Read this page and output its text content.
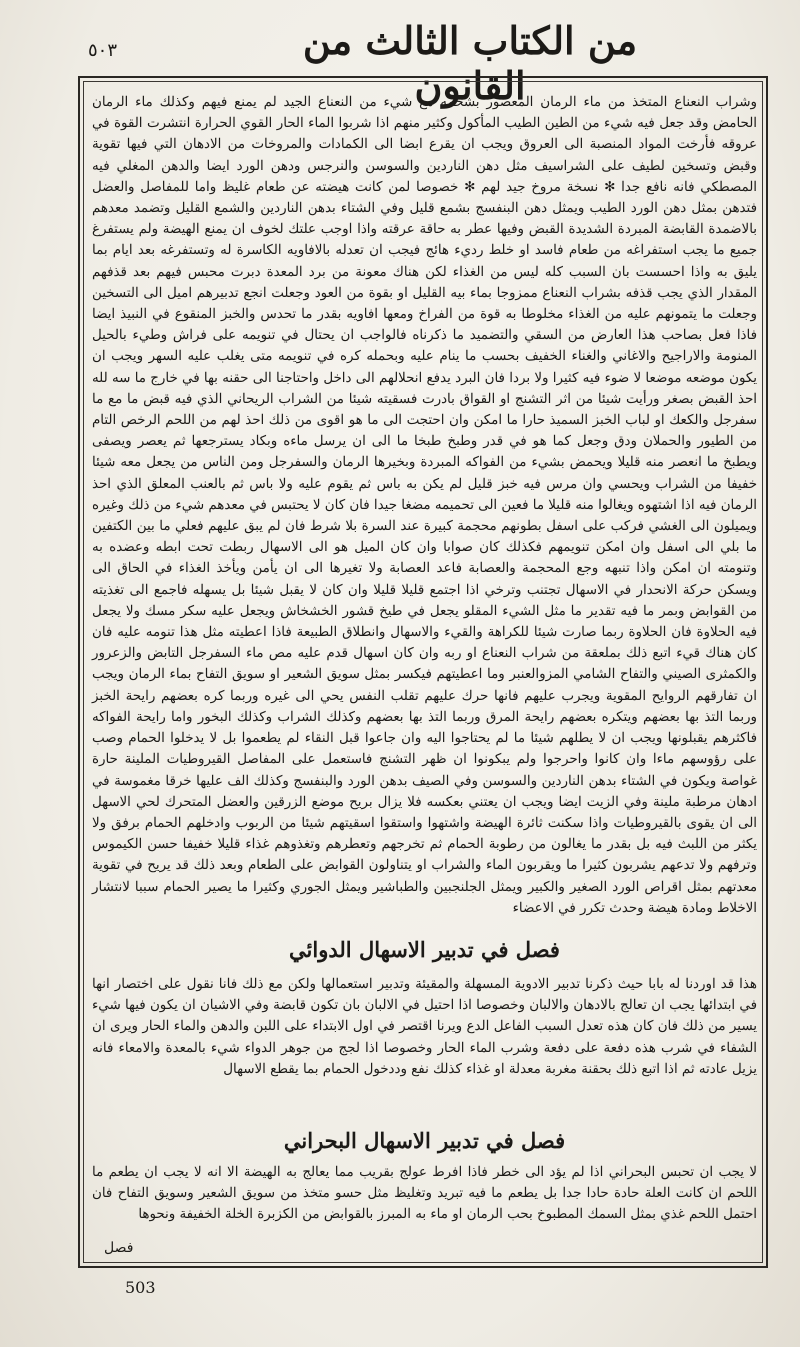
٥٠٣	من الكتاب الثالث من القانون

وشراب النعناع المتخذ من ماء الرمان المعصور بشحمه مع شيء من النعناع الجيد لم يمنع فيهم وكذلك ماء الرمان الحامض وقد جعل فيه شيء من الطين الطيب المأكول وكثير منهم اذا شربوا الماء الحار القوي الحرارة انتشرت القوة في عروقه فأرخت المواد المنصبة الى العروق ويجب ان يقرع ابضا الى الكمادات والمروخات من الادهان التي فيها تقوية وقبض وتسخين لطيف على الشراسيف مثل دهن الناردين والسوسن والنرجس ودهن الورد ايضا والدهن المغلي فيه المصطكي فانه نافع جدا ✻ نسخة مروخ جيد لهم ✻ خصوصا لمن كانت هيضته عن طعام غليظ واما للمفاصل والعضل فتدهن بمثل دهن الورد الطيب ويمثل دهن البنفسج بشمع قليل وفي الشتاء بدهن الناردين والشمع القليل وتضمد معدهم بالاضمدة القابضة المبردة الشديدة القبض وفيها عطر به حاقة عرقته واذا اوجب علتك لخوف ان يمنع الهيضة ولم يستفرغ جميع ما يجب استفراغه من طعام فاسد او خلط رديء هائج فيجب ان تعدله بالافاويه الكاسرة له وتستفرغه بعد ايام بما يليق به واذا احسست بان السبب كله ليس من الغذاء لكن هناك معونة من برد المعدة دبرت محبس فيهم بعد قذفهم المقدار الذي يجب قذفه بشراب النعناع ممزوجا بماء بيه القليل او بقوة من العود وجعلت انجع تدبيرهم اميل الى التسخين وجعلت ما يتمونهم عليه من الغذاء مخلوطا به قوة من الفراخ ومعها افاويه بقدر ما تحدس والخبز المنقوع في النبيذ ايضا فاذا فعل بصاحب هذا العارض من السقي والتضميد ما ذكرناه فالواجب ان يحتال في تنويمه على فراش وطيء بالحيل المنومة والاراجيح والاغاني والغناء الخفيف بحسب ما ينام عليه وبحمله كره في تنويمه متى يغلب عليه السهر ويجب ان يكون موضعه موضعا لا ضوء فيه كثيرا ولا بردا فان البرد يدفع انحلالهم الى داخل واحتاجنا الى حقنه بها في خارج ما سه لله احذ القبض بصغر ورأيت شيئا من اثر التشنج او القواق بادرت فسقيته شيئا من الشراب الريحاني الذي فيه قبض ما مع ما سفرجل والكعك او لباب الخبز السميذ حارا ما امكن وان احتجت الى ما هو اقوى من ذلك احذ لهم من اللحم الرخص التام من الطيور والحملان ودق وجعل كما هو في قدر وطبخ طبخا ما الى ان يرسل ماءه وبكاد يسترجعها ثم يعصر ويصفى ويطبخ ما انعصر منه قليلا ويحمض بشيء من الفواكه المبردة وبخيرها الرمان والسفرجل ومن الناس من يجعل معه شيئا خفيفا من الشراب ويحسي وان مرس فيه خبز قليل لم يكن به باس ثم يقوم عليه ولا باس ثم بالعنب المعلق الذي احذ الرمان فيه اذا اشتهوه ويغالوا منه قليلا ما فعين الى تحميمه مضغا جيدا فان كان لا يحتبس في معدهم شيء من ذلك وغيره ويميلون الى الغشي فركب على اسفل بطونهم محجمة كبيرة عند السرة بلا شرط فان لم يبق عليهم فعلي ما بين الكتفين ما بلي الى اسفل وان امكن تنويمهم فكذلك كان صوابا وان كان الميل هو الى الاسهال ربطت تحت ابطه وعضده به وتنومته ان امكن واذا تنبهه وجع المحجمة والعصابة فاعد العصابة ولا تغيرها الى ان يأمن ويأخذ الغذاء في الحاق الى ويسكن حركة الانحدار في الاسهال تجتنب وترخي اذا اجتمع قليلا قليلا وان كان لا يقبل شيئا بل يسهله فاجمع الى تغذيته من القوابض وبمر ما فيه تقدير ما مثل الشيء المقلو يجعل في طيخ قشور الخشخاش ويجعل عليه سكر مسك ولا يجعل فيه الحلاوة فان الحلاوة ربما صارت شيئا للكراهة والقيء والاسهال وانطلاق الطبيعة فاذا اعطيته مثل هذا تنومه عليه فان كان هناك قيء اتبع ذلك بملعقة من شراب النعناع او ربه وان كان اسهال قدم عليه مص ماء السفرجل التابض والزعرور والكمثرى الصيني والتفاح الشامي المزوالعنبر وما اعطيتهم فيكسر بمثل سويق الشعير او سويق التفاح بماء الرمان ويجب ان تفارقهم الروايح المقوية ويجرب عليهم فانها حرك عليهم تقلب النفس يحي الى غيره وربما كره بعضهم رايحة الخبز وربما التذ بها بعضهم ويتكره بعضهم رايحة المرق وربما التذ بها بعضهم وكذلك الشراب وكذلك البخور واما رايحة الفواكه فاكثرهم يقبلونها ويجب ان لا يطلهم شيئا ما لم يحتاجوا اليه وان جاعوا قبل النقاء لم يطعموا بل لا يدخلوا الحمام وصب على رؤوسهم ماءا وان كانوا واحرجوا ولم يبكونوا ان ظهر التشنج فاستعمل على المفاصل القيروطيات الملينة حارة غواصة ويكون في الشتاء بدهن الناردين والسوسن وفي الصيف بدهن الورد والبنفسج وكذلك الف عليها خرقا مغموسة في ادهان مرطبة ملينة وفي الزيت ايضا ويجب ان يعتني بعكسه فلا يزال بريح موضع الزرقين والعضل المتحرك لحي الاسهل الى ان يقوى بالقيروطيات واذا سكنت ثائرة الهيضة واشتهوا واستقوا اسقيتهم شيئا من الربوب وادخلهم الحمام برفق ولا يكثر من اللبث فيه بل بقدر ما يغالون من رطوبة الحمام ثم تخرجهم وتعطرهم وتغذوهم غذاء قليلا خفيفا حسن الكيموس وترفهم ولا تدعهم يشربون كثيرا ما ويقربون الماء والشراب او يتناولون القوابض على الطعام وبعد ذلك قد يريح في تقوية معدتهم بمثل اقراص الورد الصغير والكبير ويمثل الجلنجبين والطباشير ويمثل الجوري وكثيرا ما يصير الحمام سببا لانتشار الاخلاط ومادة هيضة وحدث تكرر في الاعضاء

فصل في تدبير الاسهال الدوائي
هذا قد اوردنا له بابا حيث ذكرنا تدبير الادوية المسهلة والمقيئة وتدبير استعمالها ولكن مع ذلك فانا نقول على اختصار انها في ابتدائها يجب ان تعالج بالادهان والالبان وخصوصا اذا احتيل في الالبان بان تكون قابضة وفي الاشيان ان يكون فيها شيء يسير من ذلك فان كان هذه تعدل السبب الفاعل الدع ويرنا اقتصر في اول الابتداء على اللبن والدهن والماء الحار ويرى ان الشفاء في شرب هذه دفعة على دفعة وشرب الماء الحار وخصوصا اذا لجج من جوهر الدواء شيء بالمعدة والامعاء فانه يزيل عادته ثم اذا اتبع ذلك بحقنة مغربة معدلة او غذاء كذلك نفع وددخول الحمام بما يقطع الاسهال
فصل في تدبير الاسهال البحراني
لا يجب ان تحبس البحراني اذا لم يؤد الى خطر فاذا افرط عولج بقريب مما يعالج به الهيضة الا انه لا يجب ان يطعم ما اللحم ان كانت العلة حادة حادا جدا بل يطعم ما فيه تبريد وتغليظ مثل حسو متخذ من سويق الشعير وسويق التفاح فان احتمل اللحم غذي بمثل السمك المطبوخ بحب الرمان او ماء به المبرز بالقوابض من الكزبرة الخلة الخفيفة ونحوها
فصل
503
